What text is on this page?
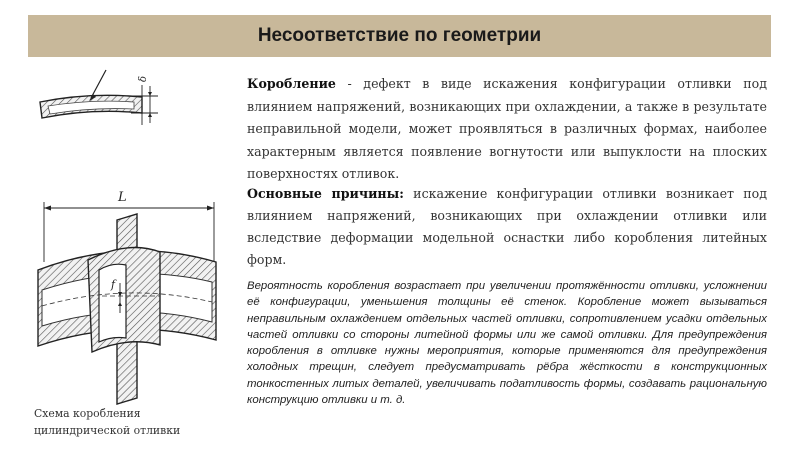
Несоответствие по геометрии
δ
L
f
Коробление - дефект в виде искажения конфигурации отливки под влиянием напряжений, возникающих при охлаждении, а также в результате неправильной модели, может проявляться в различных формах, наиболее характерным является появление вогнутости или выпуклости на плоских поверхностях отливок.
Основные причины: искажение конфигурации отливки возникает под влиянием напряжений, возникающих при охлаждении отливки или вследствие деформации модельной оснастки либо коробления литейных форм.
Вероятность коробления возрастает при увеличении протяжённости отливки, усложнении её конфигурации, уменьшения толщины её стенок. Коробление может вызываться неправильным охлаждением отдельных частей отливки, сопротивлением усадки отдельных частей отливки со стороны литейной формы или же самой отливки. Для предупреждения коробления в отливке нужны мероприятия, которые применяются для предупреждения холодных трещин, следует предусматривать рёбра жёсткости в конструкционных тонкостенных литых деталей, увеличивать податливость формы, создавать рациональную конструкцию отливки и т. д.
Схема коробления цилиндрической отливки
